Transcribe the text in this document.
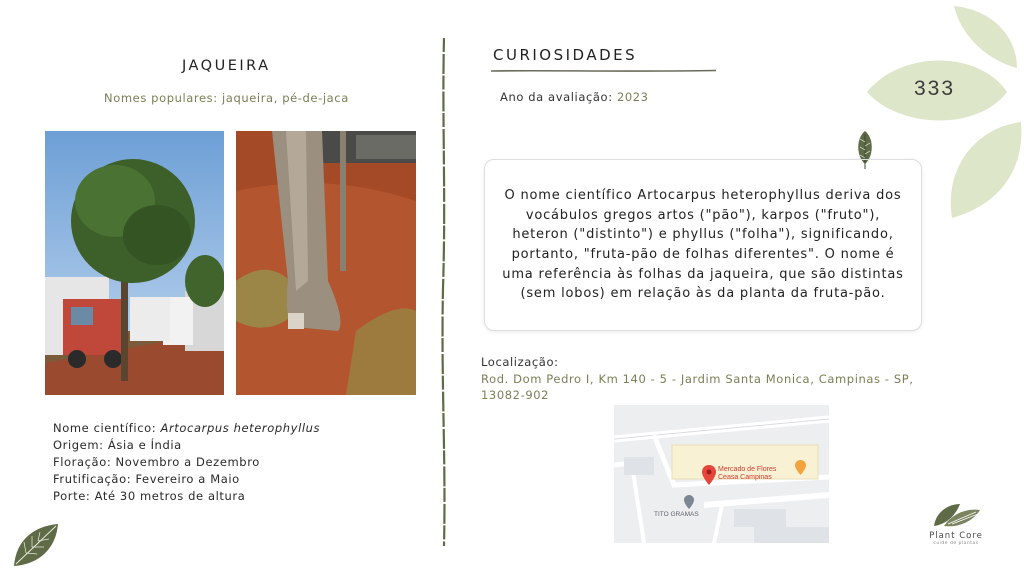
333
JAQUEIRA
Nomes populares: jaqueira, pé-de-jaca
Nome científico: Artocarpus heterophyllus
Origem: Ásia e Índia
Floração: Novembro a Dezembro
Frutificação: Fevereiro a Maio
Porte: Até 30 metros de altura
CURIOSIDADES
Ano da avaliação: 2023
O nome científico Artocarpus heterophyllus deriva dos vocábulos gregos artos ("pão"), karpos ("fruto"), heteron ("distinto") e phyllus ("folha"), significando, portanto, "fruta-pão de folhas diferentes". O nome é uma referência às folhas da jaqueira, que são distintas (sem lobos) em relação às da planta da fruta-pão.
Localização:
Rod. Dom Pedro I, Km 140 - 5 - Jardim Santa Monica, Campinas - SP, 13082-902
Mercado de Flores
Ceasa Campinas
TITO GRAMAS
Plant Core
cuide de plantas
